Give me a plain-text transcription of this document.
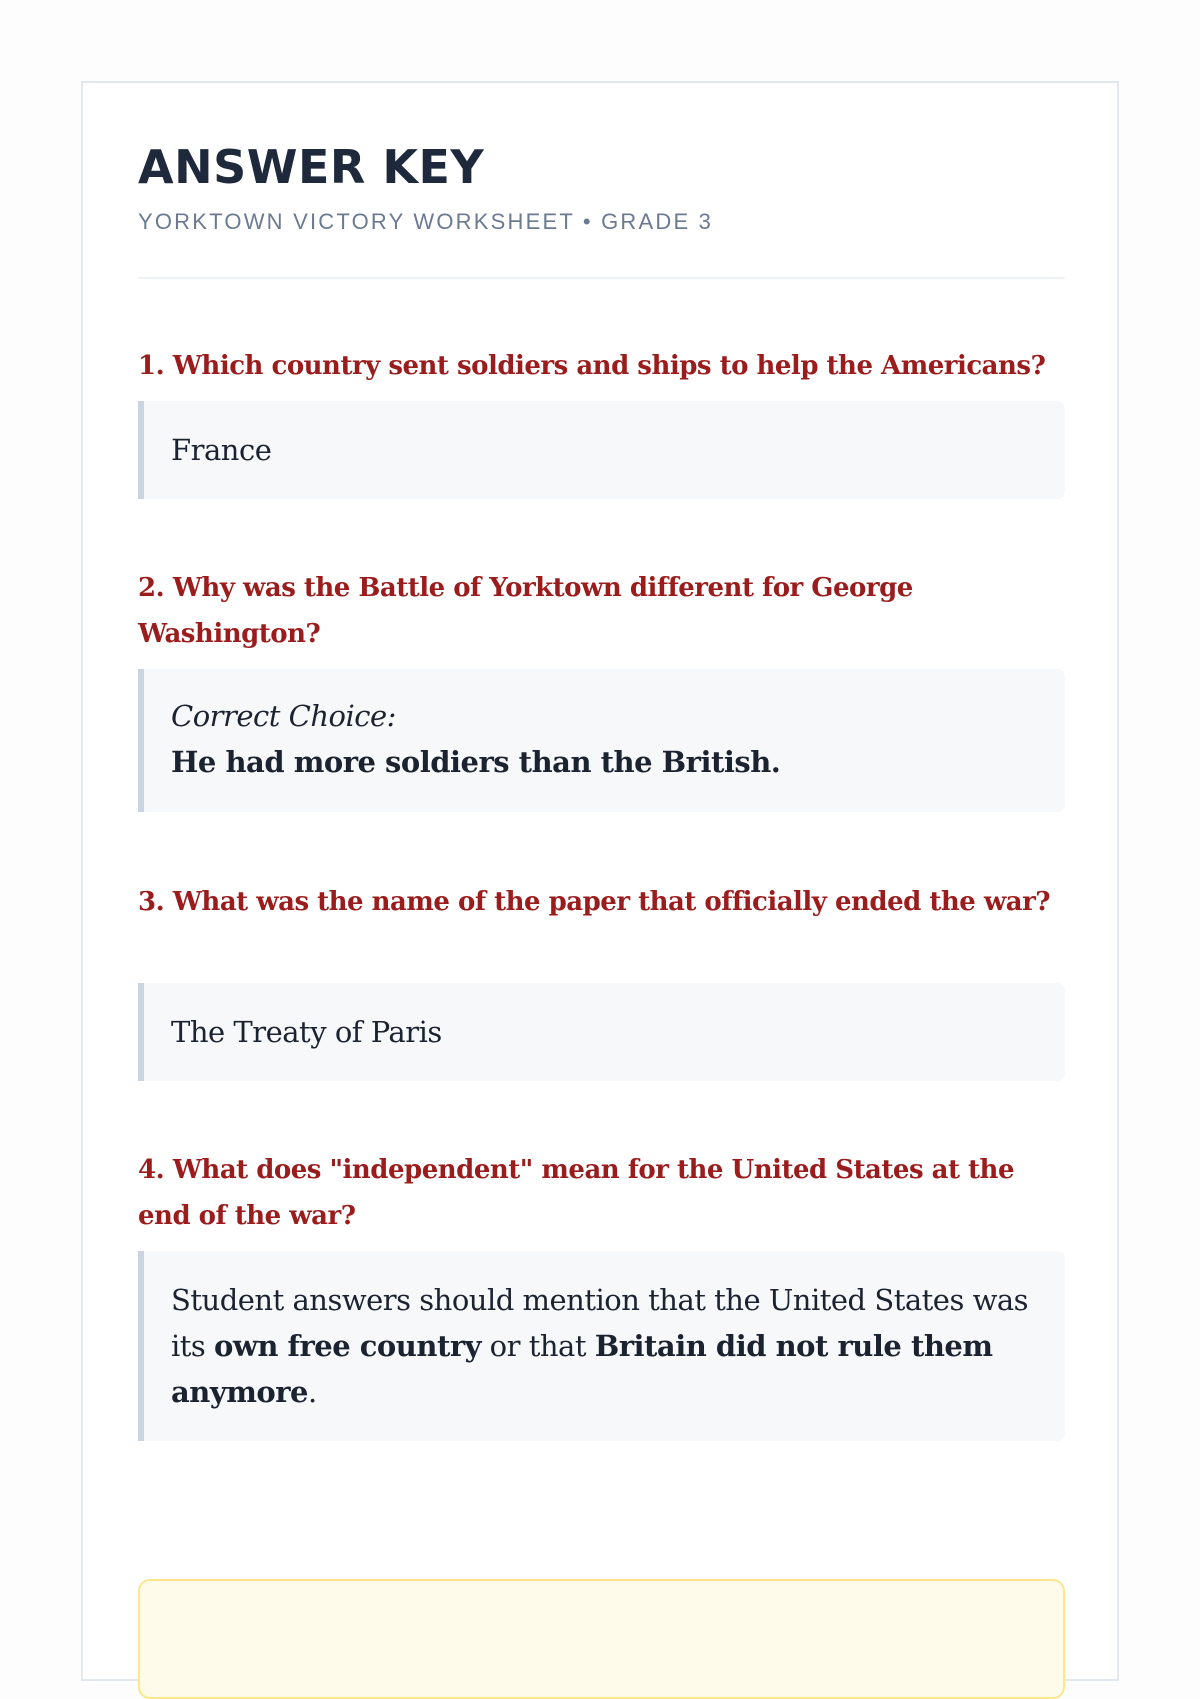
ANSWER KEY
YORKTOWN VICTORY WORKSHEET • GRADE 3

1. Which country sent soldiers and ships to help the Americans?

France

2. Why was the Battle of Yorktown different for George Washington?

Correct Choice:
He had more soldiers than the British.

3. What was the name of the paper that officially ended the war?

The Treaty of Paris

4. What does "independent" mean for the United States at the end of the war?

Student answers should mention that the United States was its own free country or that Britain did not rule them anymore.
